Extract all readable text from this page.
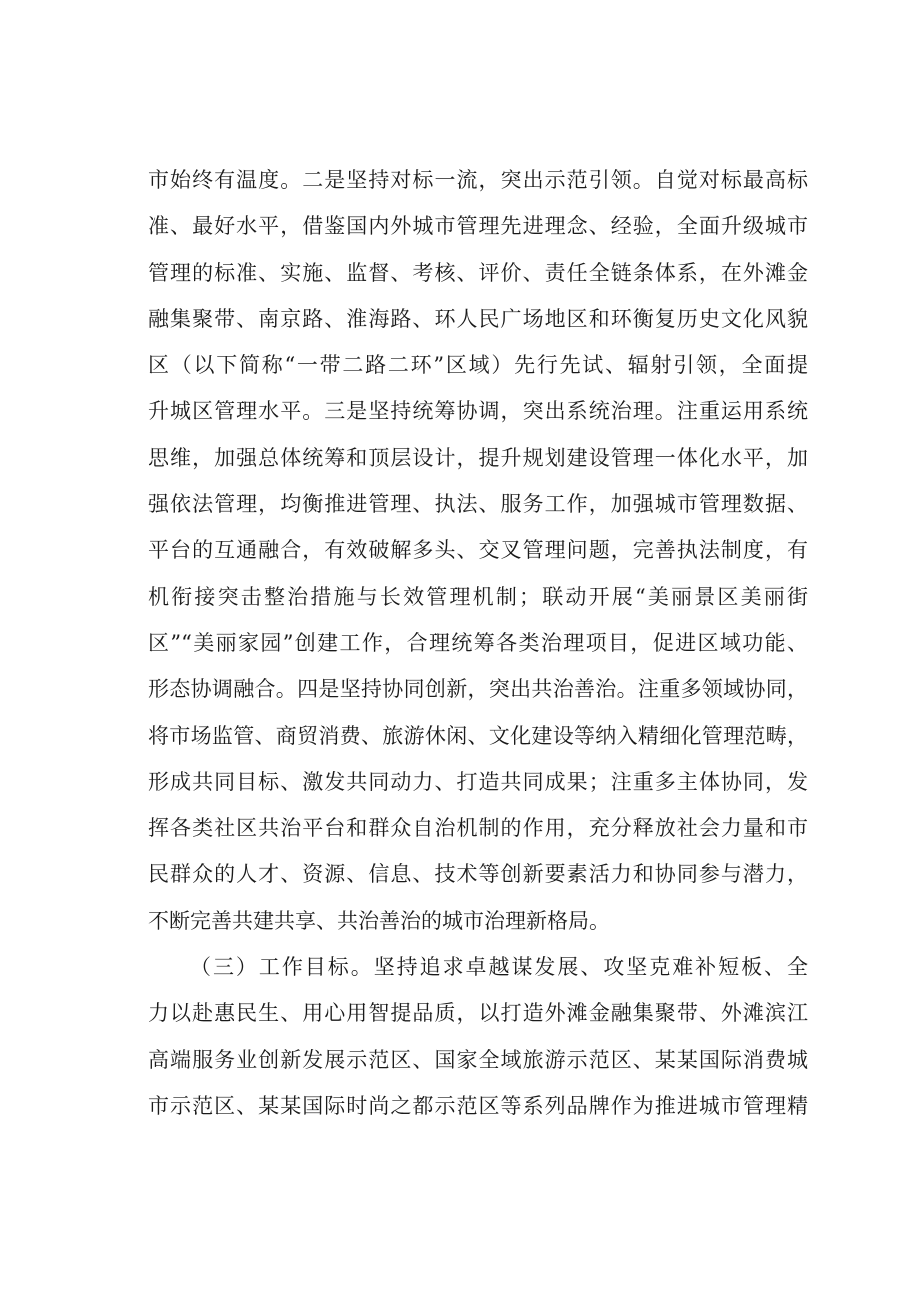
市始终有温度。二是坚持对标一流，突出示范引领。自觉对标最高标
准、最好水平，借鉴国内外城市管理先进理念、经验，全面升级城市
管理的标准、实施、监督、考核、评价、责任全链条体系，在外滩金
融集聚带、南京路、淮海路、环人民广场地区和环衡复历史文化风貌
区（以下简称“一带二路二环”区域）先行先试、辐射引领，全面提
升城区管理水平。三是坚持统筹协调，突出系统治理。注重运用系统
思维，加强总体统筹和顶层设计，提升规划建设管理一体化水平，加
强依法管理，均衡推进管理、执法、服务工作，加强城市管理数据、
平台的互通融合，有效破解多头、交叉管理问题，完善执法制度，有
机衔接突击整治措施与长效管理机制；联动开展“美丽景区美丽街
区”“美丽家园”创建工作，合理统筹各类治理项目，促进区域功能、
形态协调融合。四是坚持协同创新，突出共治善治。注重多领域协同，
将市场监管、商贸消费、旅游休闲、文化建设等纳入精细化管理范畴，
形成共同目标、激发共同动力、打造共同成果；注重多主体协同，发
挥各类社区共治平台和群众自治机制的作用，充分释放社会力量和市
民群众的人才、资源、信息、技术等创新要素活力和协同参与潜力，
不断完善共建共享、共治善治的城市治理新格局。
（三）工作目标。坚持追求卓越谋发展、攻坚克难补短板、全
力以赴惠民生、用心用智提品质，以打造外滩金融集聚带、外滩滨江
高端服务业创新发展示范区、国家全域旅游示范区、某某国际消费城
市示范区、某某国际时尚之都示范区等系列品牌作为推进城市管理精
